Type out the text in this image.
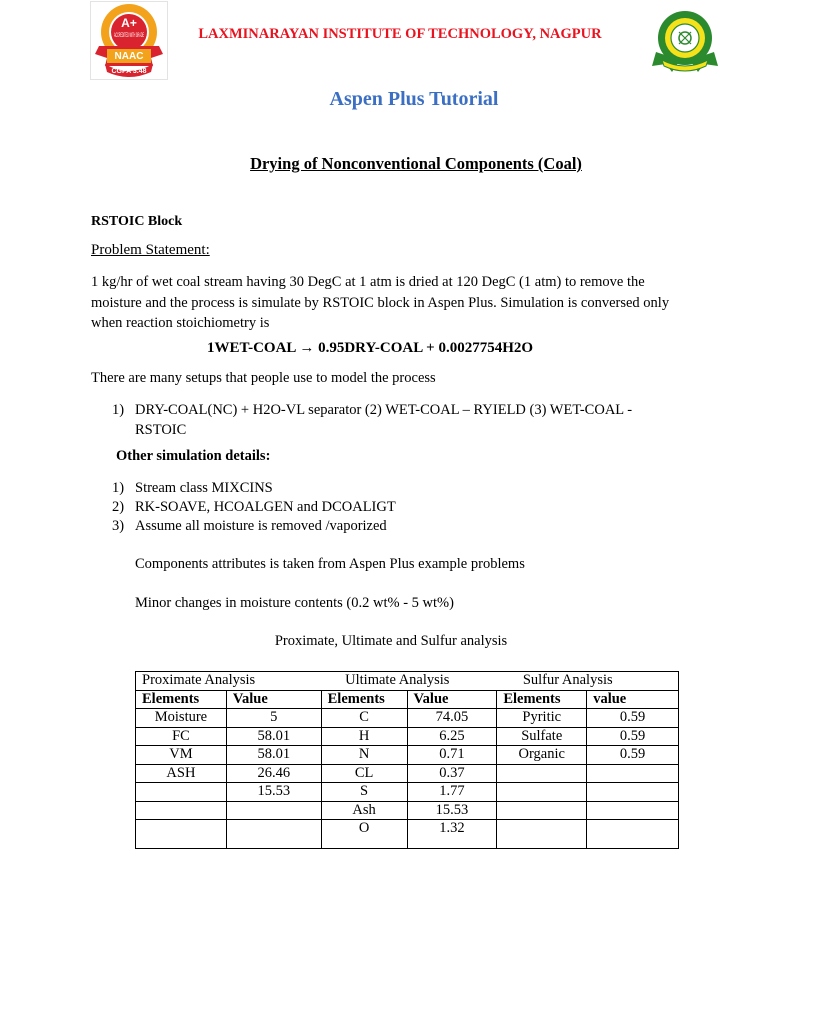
A+
ACCREDITED WITH GRADE
NAAC
CGPA 3.48
LAXMINARAYAN INSTITUTE OF TECHNOLOGY, NAGPUR
Aspen Plus Tutorial
Drying of Nonconventional Components (Coal)
RSTOIC Block
Problem Statement:
1 kg/hr of wet coal stream having 30 DegC at 1 atm is dried at 120 DegC (1 atm) to remove the moisture and the process is simulate by RSTOIC block in Aspen Plus. Simulation is conversed only when reaction stoichiometry is
1WET-COAL → 0.95DRY-COAL + 0.0027754H2O
There are many setups that people use to model the process
1) DRY-COAL(NC) + H2O-VL separator (2) WET-COAL – RYIELD (3) WET-COAL - RSTOIC
Other simulation details:
1) Stream class MIXCINS
2) RK-SOAVE, HCOALGEN and DCOALIGT
3) Assume all moisture is removed /vaporized
Components attributes is taken from Aspen Plus example problems
Minor changes in moisture contents (0.2 wt% - 5 wt%)
Proximate, Ultimate and Sulfur analysis
Proximate Analysis		Ultimate Analysis		Sulfur Analysis	
Elements	Value	Elements	Value	Elements	value
Moisture	5	C	74.05	Pyritic	0.59
FC	58.01	H	6.25	Sulfate	0.59
VM	58.01	N	0.71	Organic	0.59
ASH	26.46	CL	0.37		
	15.53	S	1.77		
		Ash	15.53		
		O	1.32		
